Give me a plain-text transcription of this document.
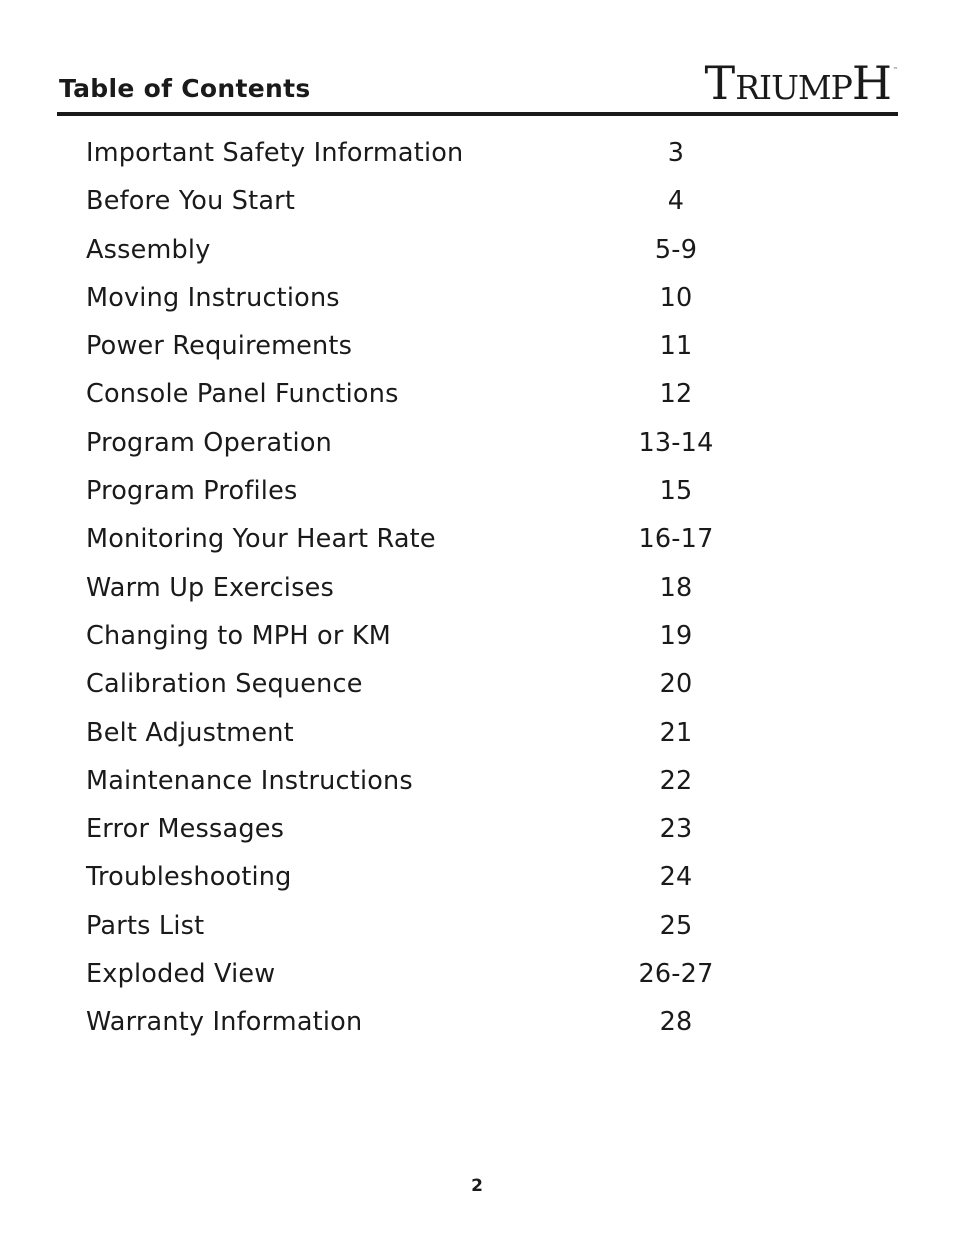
Table of Contents	TRIUMPH™
Important Safety Information	3
Before You Start	4
Assembly	5-9
Moving Instructions	10
Power Requirements	11
Console Panel Functions	12
Program Operation	13-14
Program Profiles	15
Monitoring Your Heart Rate	16-17
Warm Up Exercises	18
Changing to MPH or KM	19
Calibration Sequence	20
Belt Adjustment	21
Maintenance Instructions	22
Error Messages	23
Troubleshooting	24
Parts List	25
Exploded View	26-27
Warranty Information	28
2
